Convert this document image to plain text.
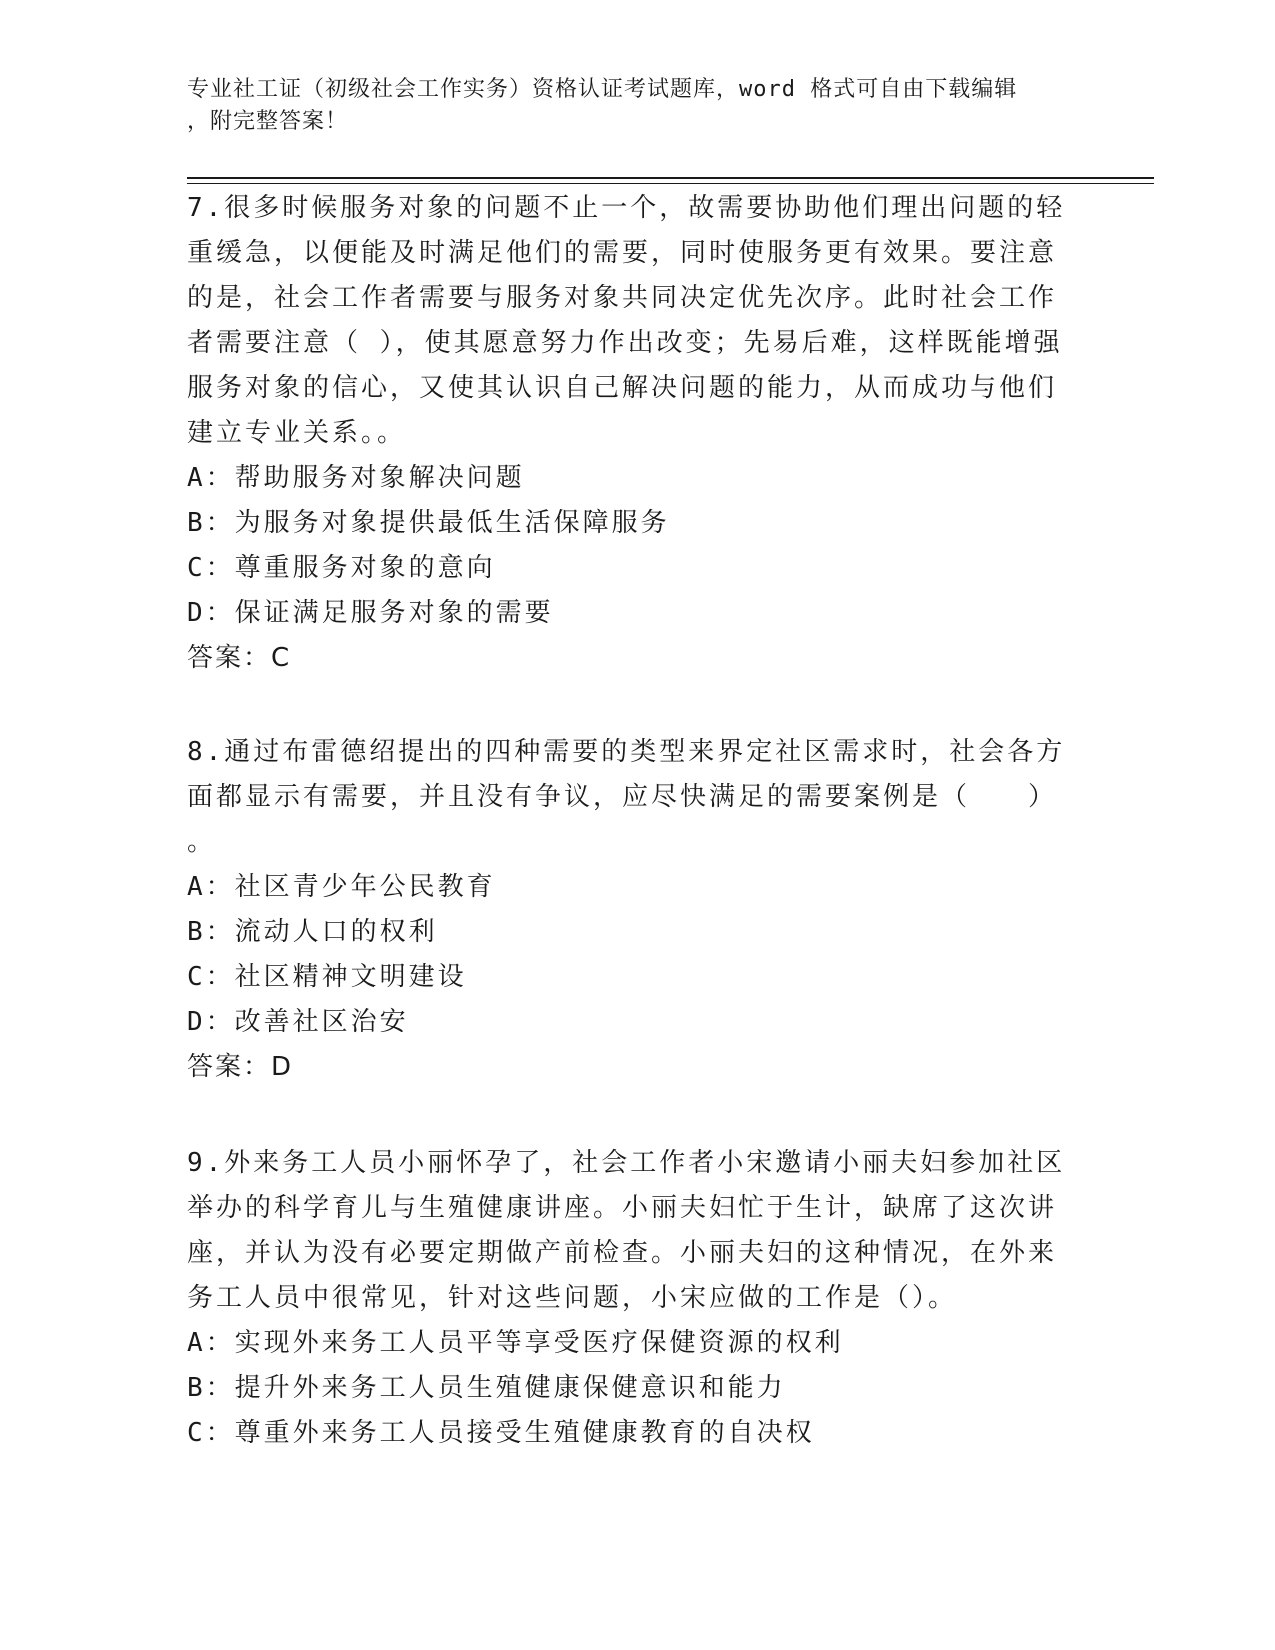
专业社工证（初级社会工作实务）资格认证考试题库，word 格式可自由下载编辑
，附完整答案！

7.很多时候服务对象的问题不止一个，故需要协助他们理出问题的轻

重缓急，以便能及时满足他们的需要，同时使服务更有效果。要注意

的是，社会工作者需要与服务对象共同决定优先次序。此时社会工作

者需要注意（ ），使其愿意努力作出改变；先易后难，这样既能增强

服务对象的信心，又使其认识自己解决问题的能力，从而成功与他们

建立专业关系。。

A：帮助服务对象解决问题

B：为服务对象提供最低生活保障服务

C：尊重服务对象的意向

D：保证满足服务对象的需要

答案：C

8.通过布雷德绍提出的四种需要的类型来界定社区需求时，社会各方

面都显示有需要，并且没有争议，应尽快满足的需要案例是（　　）

。

A：社区青少年公民教育

B：流动人口的权利

C：社区精神文明建设

D：改善社区治安

答案：D

9.外来务工人员小丽怀孕了，社会工作者小宋邀请小丽夫妇参加社区

举办的科学育儿与生殖健康讲座。小丽夫妇忙于生计，缺席了这次讲

座，并认为没有必要定期做产前检查。小丽夫妇的这种情况，在外来

务工人员中很常见，针对这些问题，小宋应做的工作是（）。

A：实现外来务工人员平等享受医疗保健资源的权利

B：提升外来务工人员生殖健康保健意识和能力

C：尊重外来务工人员接受生殖健康教育的自决权
